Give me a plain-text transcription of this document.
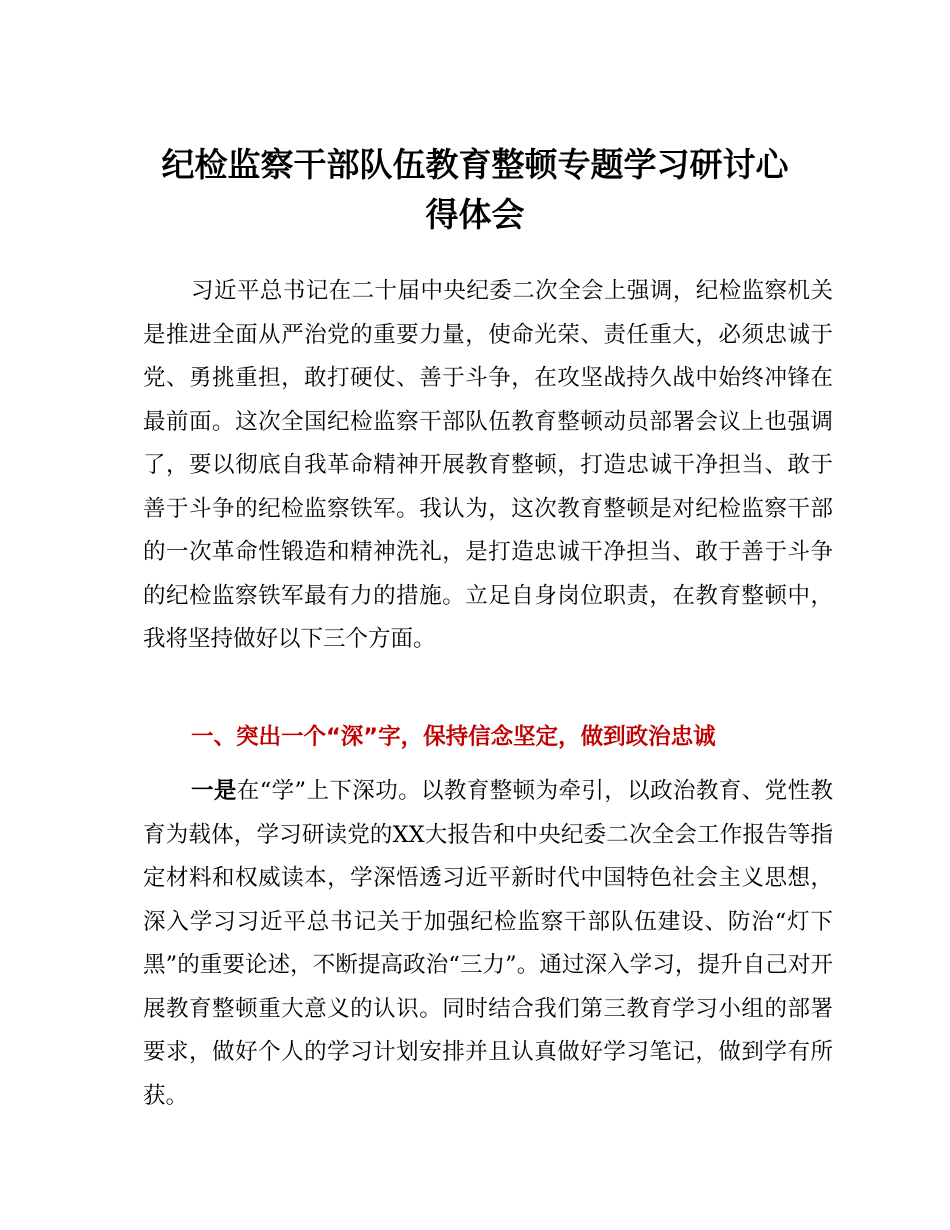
纪检监察干部队伍教育整顿专题学习研讨心
得体会

习近平总书记在二十届中央纪委二次全会上强调，纪检监察机关是推进全面从严治党的重要力量，使命光荣、责任重大，必须忠诚于党、勇挑重担，敢打硬仗、善于斗争，在攻坚战持久战中始终冲锋在最前面。这次全国纪检监察干部队伍教育整顿动员部署会议上也强调了，要以彻底自我革命精神开展教育整顿，打造忠诚干净担当、敢于善于斗争的纪检监察铁军。我认为，这次教育整顿是对纪检监察干部的一次革命性锻造和精神洗礼，是打造忠诚干净担当、敢于善于斗争的纪检监察铁军最有力的措施。立足自身岗位职责，在教育整顿中，我将坚持做好以下三个方面。

一、突出一个“深”字，保持信念坚定，做到政治忠诚

一是在“学”上下深功。以教育整顿为牵引，以政治教育、党性教育为载体，学习研读党的XX大报告和中央纪委二次全会工作报告等指定材料和权威读本，学深悟透习近平新时代中国特色社会主义思想，深入学习习近平总书记关于加强纪检监察干部队伍建设、防治“灯下黑”的重要论述，不断提高政治“三力”。通过深入学习，提升自己对开展教育整顿重大意义的认识。同时结合我们第三教育学习小组的部署要求，做好个人的学习计划安排并且认真做好学习笔记，做到学有所获。
